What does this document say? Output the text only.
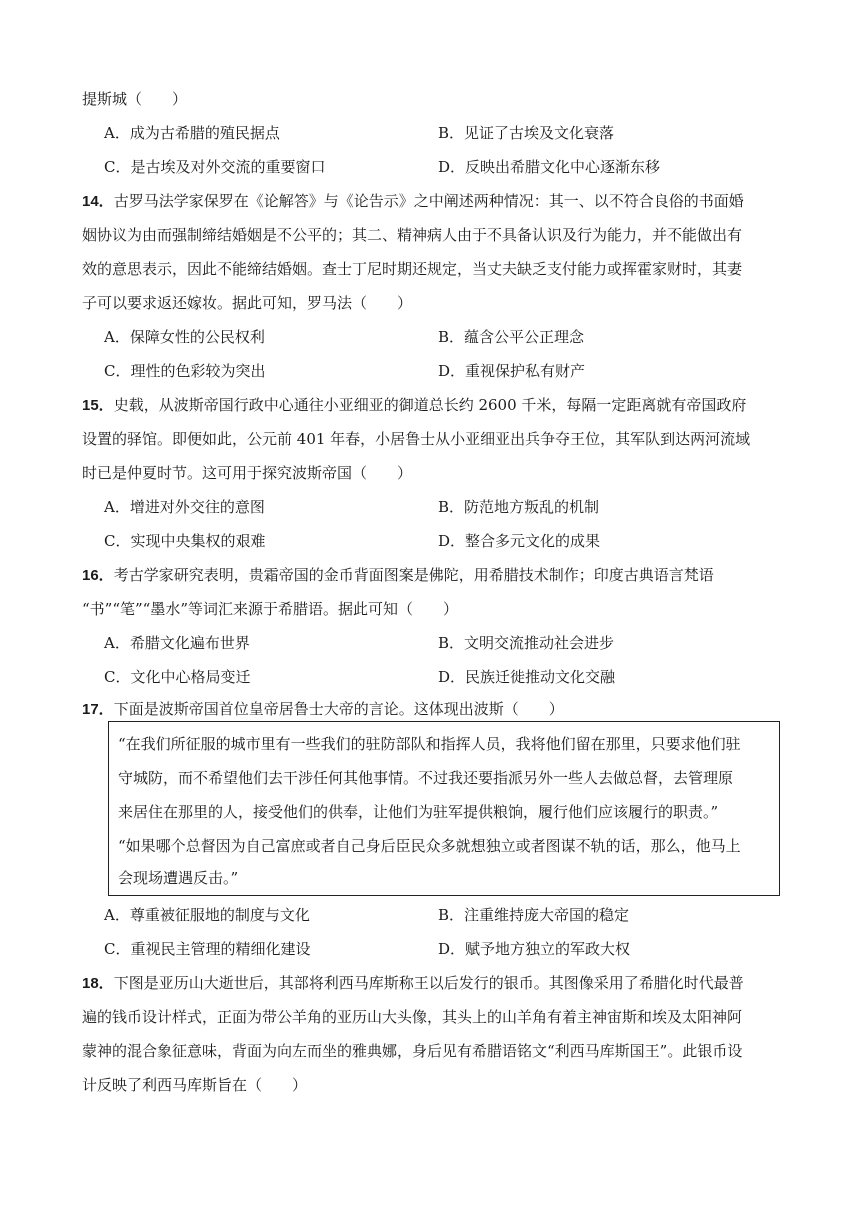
提斯城（　　）
A．成为古希腊的殖民据点	B．见证了古埃及文化衰落
C．是古埃及对外交流的重要窗口	D．反映出希腊文化中心逐渐东移
14．古罗马法学家保罗在《论解答》与《论告示》之中阐述两种情况：其一、以不符合良俗的书面婚
姻协议为由而强制缔结婚姻是不公平的；其二、精神病人由于不具备认识及行为能力，并不能做出有
效的意思表示，因此不能缔结婚姻。查士丁尼时期还规定，当丈夫缺乏支付能力或挥霍家财时，其妻
子可以要求返还嫁妆。据此可知，罗马法（　　）
A．保障女性的公民权利	B．蕴含公平公正理念
C．理性的色彩较为突出	D．重视保护私有财产
15．史载，从波斯帝国行政中心通往小亚细亚的御道总长约 2600 千米，每隔一定距离就有帝国政府
设置的驿馆。即便如此，公元前 401 年春，小居鲁士从小亚细亚出兵争夺王位，其军队到达两河流域
时已是仲夏时节。这可用于探究波斯帝国（　　）
A．增进对外交往的意图	B．防范地方叛乱的机制
C．实现中央集权的艰难	D．整合多元文化的成果
16．考古学家研究表明，贵霜帝国的金币背面图案是佛陀，用希腊技术制作；印度古典语言梵语
“书”“笔”“墨水”等词汇来源于希腊语。据此可知（　　）
A．希腊文化遍布世界	B．文明交流推动社会进步
C．文化中心格局变迁	D．民族迁徙推动文化交融
17．下面是波斯帝国首位皇帝居鲁士大帝的言论。这体现出波斯（　　）
“在我们所征服的城市里有一些我们的驻防部队和指挥人员，我将他们留在那里，只要求他们驻
守城防，而不希望他们去干涉任何其他事情。不过我还要指派另外一些人去做总督，去管理原
来居住在那里的人，接受他们的供奉，让他们为驻军提供粮饷，履行他们应该履行的职责。”
“如果哪个总督因为自己富庶或者自己身后臣民众多就想独立或者图谋不轨的话，那么，他马上
会现场遭遇反击。”
A．尊重被征服地的制度与文化	B．注重维持庞大帝国的稳定
C．重视民主管理的精细化建设	D．赋予地方独立的军政大权
18．下图是亚历山大逝世后，其部将利西马库斯称王以后发行的银币。其图像采用了希腊化时代最普
遍的钱币设计样式，正面为带公羊角的亚历山大头像，其头上的山羊角有着主神宙斯和埃及太阳神阿
蒙神的混合象征意味，背面为向左而坐的雅典娜，身后见有希腊语铭文“利西马库斯国王”。此银币设
计反映了利西马库斯旨在（　　）
